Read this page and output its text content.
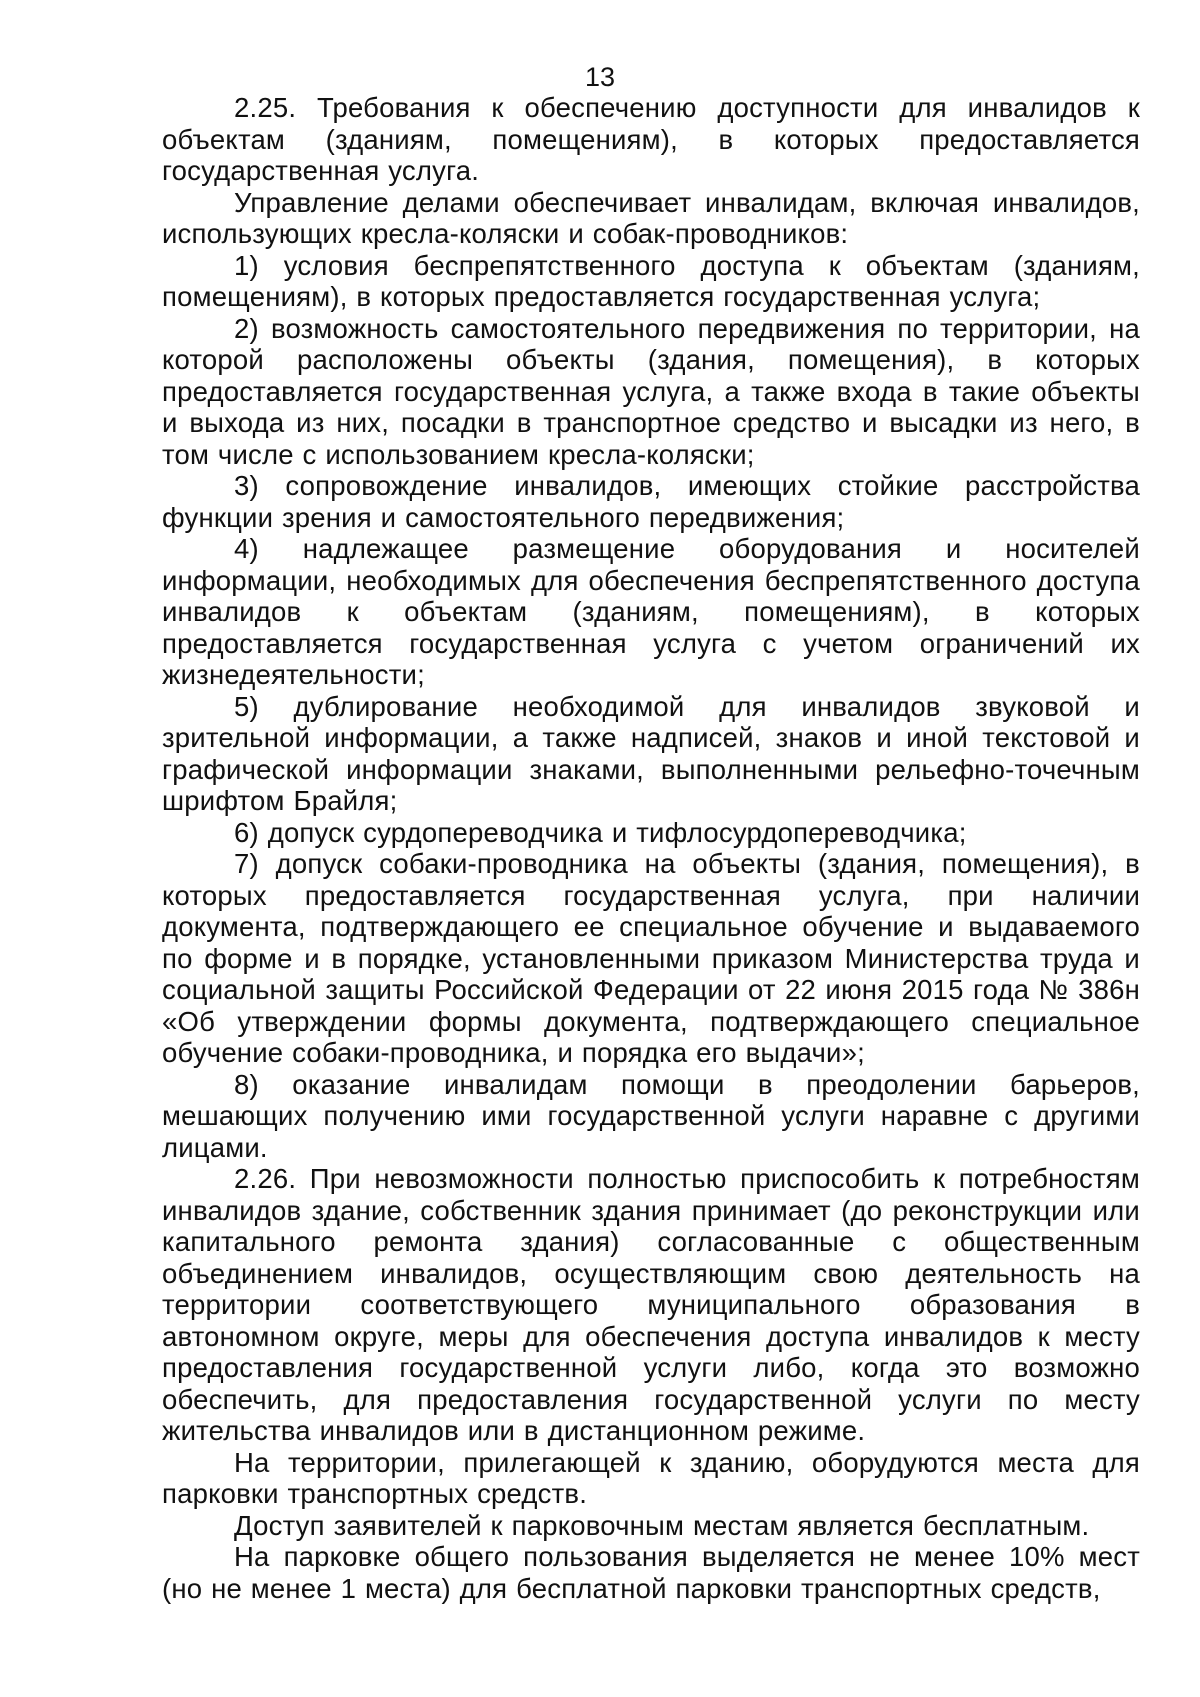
13

2.25. Требования к обеспечению доступности для инвалидов к объектам (зданиям, помещениям), в которых предоставляется государственная услуга.

Управление делами обеспечивает инвалидам, включая инвалидов, использующих кресла-коляски и собак-проводников:

1) условия беспрепятственного доступа к объектам (зданиям, помещениям), в которых предоставляется государственная услуга;

2) возможность самостоятельного передвижения по территории, на которой расположены объекты (здания, помещения), в которых предоставляется государственная услуга, а также входа в такие объекты и выхода из них, посадки в транспортное средство и высадки из него, в том числе с использованием кресла-коляски;

3) сопровождение инвалидов, имеющих стойкие расстройства функции зрения и самостоятельного передвижения;

4) надлежащее размещение оборудования и носителей информации, необходимых для обеспечения беспрепятственного доступа инвалидов к объектам (зданиям, помещениям), в которых предоставляется государственная услуга с учетом ограничений их жизнедеятельности;

5) дублирование необходимой для инвалидов звуковой и зрительной информации, а также надписей, знаков и иной текстовой и графической информации знаками, выполненными рельефно-точечным шрифтом Брайля;

6) допуск сурдопереводчика и тифлосурдопереводчика;

7) допуск собаки-проводника на объекты (здания, помещения), в которых предоставляется государственная услуга, при наличии документа, подтверждающего ее специальное обучение и выдаваемого по форме и в порядке, установленными приказом Министерства труда и социальной защиты Российской Федерации от 22 июня 2015 года № 386н «Об утверждении формы документа, подтверждающего специальное обучение собаки-проводника, и порядка его выдачи»;

8) оказание инвалидам помощи в преодолении барьеров, мешающих получению ими государственной услуги наравне с другими лицами.

2.26. При невозможности полностью приспособить к потребностям инвалидов здание, собственник здания принимает (до реконструкции или капитального ремонта здания) согласованные с общественным объединением инвалидов, осуществляющим свою деятельность на территории соответствующего муниципального образования в автономном округе, меры для обеспечения доступа инвалидов к месту предоставления государственной услуги либо, когда это возможно обеспечить, для предоставления государственной услуги по месту жительства инвалидов или в дистанционном режиме.

На территории, прилегающей к зданию, оборудуются места для парковки транспортных средств.

Доступ заявителей к парковочным местам является бесплатным.

На парковке общего пользования выделяется не менее 10% мест (но не менее 1 места) для бесплатной парковки транспортных средств,
